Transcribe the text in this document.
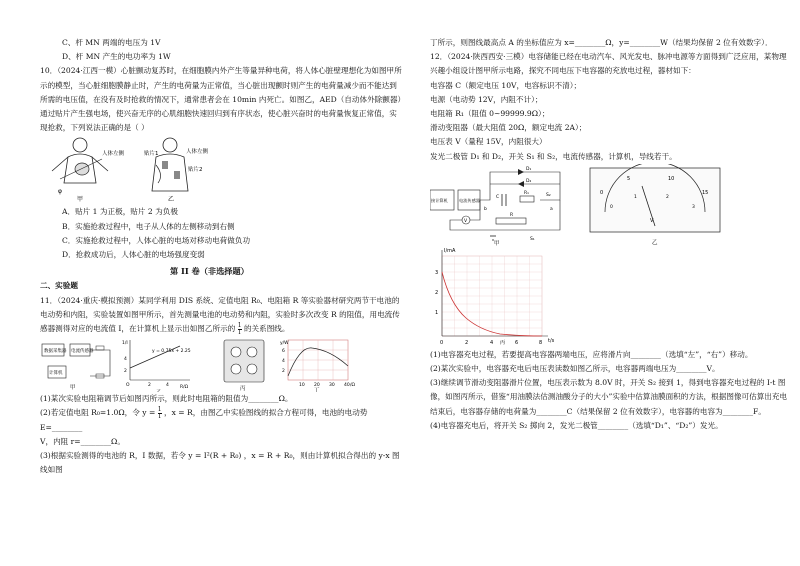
C、杆 MN 两端的电压为 1V

D、杆 MN 产生的电功率为 1W

10．（2024·江西一模）心脏颤动复苏时，在细胞膜内外产生等量异种电荷，将人体心脏壁理想化为如图甲所示的模型，当心脏细胞膜静止时，产生的电荷量为正常值，当心脏出现颤时则产生的电荷量减少而不能达到所需的电压值，在没有及时抢救的情况下，通常患者会在 10min 内死亡。如图乙，AED（自动体外除颤器）通过贴片产生强电场，使兴奋无序的心肌细胞快速回归到有序状态，使心脏兴奋时的电荷量恢复正常值，实现抢救，下列说法正确的是（ ）

人体左侧
φ
甲
贴片1	人体左侧
贴片2
乙

A．贴片 1 为正极，贴片 2 为负极

B．实施抢救过程中，电子从人体的左侧移动到右侧

C．实施抢救过程中，人体心脏的电场对移动电荷做负功

D．抢救成功后，人体心脏的电场强度变弱

第 II 卷（非选择题）

二、实验题

11．（2024·重庆·模拟预测）某同学利用 DIS 系统、定值电阻 R₀、电阻箱 R 等实验器材研究两节干电池的电动势和内阻，实验装置如图甲所示，首先测量电池的电动势和内阻，实验时多次改变 R 的阻值，用电流传感器测得对应的电流值 I，在计算机上显示出如图乙所示的 $\frac{1}{I}$ 的关系图线。

数据采集器 电流传感器
计算机
甲
y = 0.75x + 2.25
1/I
R/Ω
O
4
2
2	4
丙
y/W
/Ω
6
4
2
10 20 30 40
丁

(1)某次实验电阻箱调节后如图丙所示，则此时电阻箱的阻值为________Ω。

(2)若定值电阻 R₀=1.0Ω，令 $y = \frac{1}{I}$ ，x = R，由图乙中实验图线的拟合方程可得，电池的电动势 E=________

V，内阻 r=________Ω。

(3)根据实验测得的电池的 R，I 数据，若令 y = I²(R + R₀) ，x = R + R₀，则由计算机拟合得出的 y-x 图线如图

丁所示，则图线最高点 A 的坐标值应为 x=________Ω，y=________W（结果均保留 2 位有效数字）．

12．（2024·陕西西安·三模）电容储能已经在电动汽车、风光发电、脉冲电源等方面得到广泛应用，某物理兴趣小组设计图甲所示电路，探究不同电压下电容器的充放电过程，器材如下：

电容器 C（额定电压 10V，电容标识不清）；

电源（电动势 12V，内阻不计）；

电阻箱 R₁（阻值 0~99999.9Ω）；

滑动变阻器（最大阻值 20Ω，额定电流 2A）；

电压表 V（量程 15V，内阻很大）

发光二极管 D₁ 和 D₂，开关 S₁ 和 S₂，电流传感器，计算机，导线若干。

接计算机	电流传感器
D₁
D₂
C
R₁
V
R
S₁
S₂
a
b
甲
0
5	10
15
0
1	2
3
V
乙
I/mA
t/s
3
2
1
0	2	4	6	8
丙

(1)电容器充电过程，若要提高电容器两端电压，应将滑片向________（选填“左”，“右”）移动。

(2)某次实验中，电容器充电后电压表读数如图乙所示，电容器两端电压为________V。

(3)继续调节滑动变阻器滑片位置，电压表示数为 8.0V 时，开关 S₂ 接到 1，得到电容器充电过程的 I-t 图像，如图丙所示，借鉴“用油膜法估测油酸分子的大小”实验中估算油膜面积的方法，根据图像可估算出充电结束后，电容器存储的电荷量为________C（结果保留 2 位有效数字），电容器的电容为________F。

(4)电容器充电后，将开关 S₂ 掷向 2，发光二极管________（选填“D₁”、“D₂”）发光。
